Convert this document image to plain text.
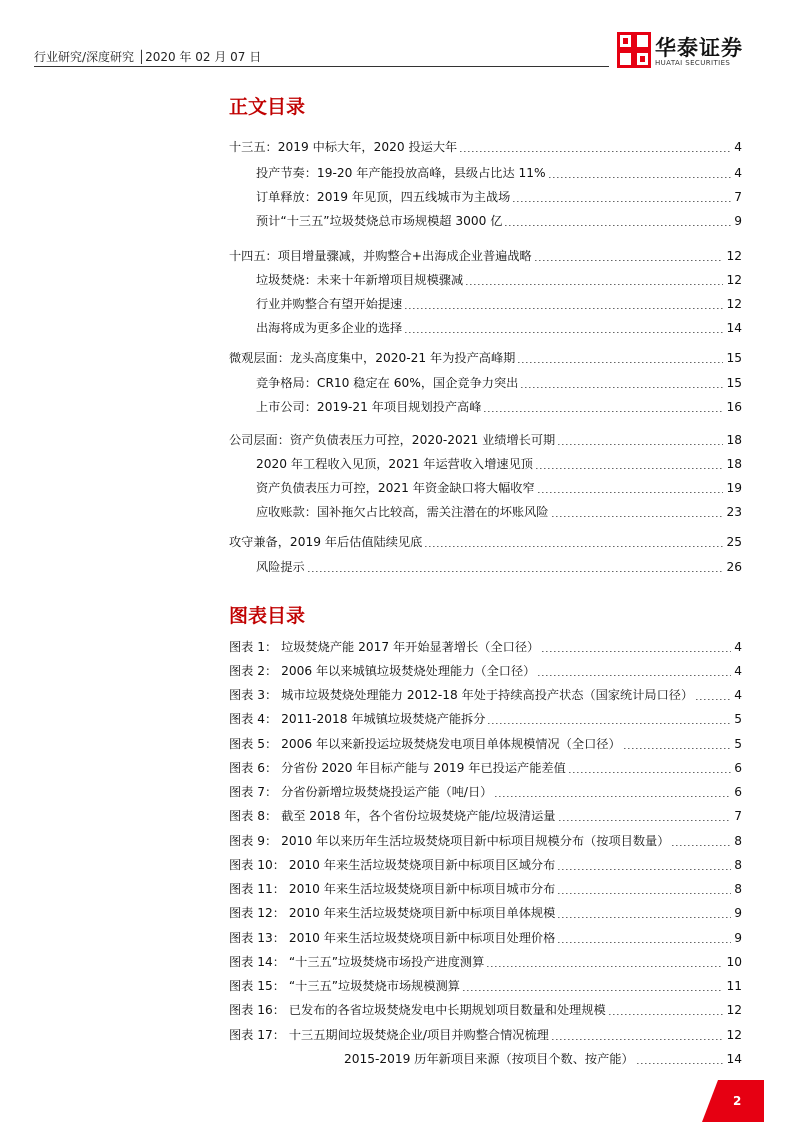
行业研究/深度研究 │2020 年 02 月 07 日	华泰证券
HUATAI SECURITIES
正文目录
十三五：2019 中标大年，2020 投运大年	4
投产节奏：19-20 年产能投放高峰，县级占比达 11%	4
订单释放：2019 年见顶，四五线城市为主战场	7
预计“十三五”垃圾焚烧总市场规模超 3000 亿	9
十四五：项目增量骤减，并购整合+出海成企业普遍战略	12
垃圾焚烧：未来十年新增项目规模骤减	12
行业并购整合有望开始提速	12
出海将成为更多企业的选择	14
微观层面：龙头高度集中，2020-21 年为投产高峰期	15
竞争格局：CR10 稳定在 60%，国企竞争力突出	15
上市公司：2019-21 年项目规划投产高峰	16
公司层面：资产负债表压力可控，2020-2021 业绩增长可期	18
2020 年工程收入见顶，2021 年运营收入增速见顶	18
资产负债表压力可控，2021 年资金缺口将大幅收窄	19
应收账款：国补拖欠占比较高，需关注潜在的坏账风险	23
攻守兼备，2019 年后估值陆续见底	25
风险提示	26
图表目录
图表 1： 垃圾焚烧产能 2017 年开始显著增长（全口径）	4
图表 2： 2006 年以来城镇垃圾焚烧处理能力（全口径）	4
图表 3： 城市垃圾焚烧处理能力 2012-18 年处于持续高投产状态（国家统计局口径）	4
图表 4： 2011-2018 年城镇垃圾焚烧产能拆分	5
图表 5： 2006 年以来新投运垃圾焚烧发电项目单体规模情况（全口径）	5
图表 6： 分省份 2020 年目标产能与 2019 年已投运产能差值	6
图表 7： 分省份新增垃圾焚烧投运产能（吨/日）	6
图表 8： 截至 2018 年，各个省份垃圾焚烧产能/垃圾清运量	7
图表 9： 2010 年以来历年生活垃圾焚烧项目新中标项目规模分布（按项目数量）	8
图表 10： 2010 年来生活垃圾焚烧项目新中标项目区域分布	8
图表 11： 2010 年来生活垃圾焚烧项目新中标项目城市分布	8
图表 12： 2010 年来生活垃圾焚烧项目新中标项目单体规模	9
图表 13： 2010 年来生活垃圾焚烧项目新中标项目处理价格	9
图表 14： “十三五”垃圾焚烧市场投产进度测算	10
图表 15： “十三五”垃圾焚烧市场规模测算	11
图表 16： 已发布的各省垃圾焚烧发电中长期规划项目数量和处理规模	12
图表 17： 十三五期间垃圾焚烧企业/项目并购整合情况梳理	12
2015-2019 历年新项目来源（按项目个数、按产能）	14
2
